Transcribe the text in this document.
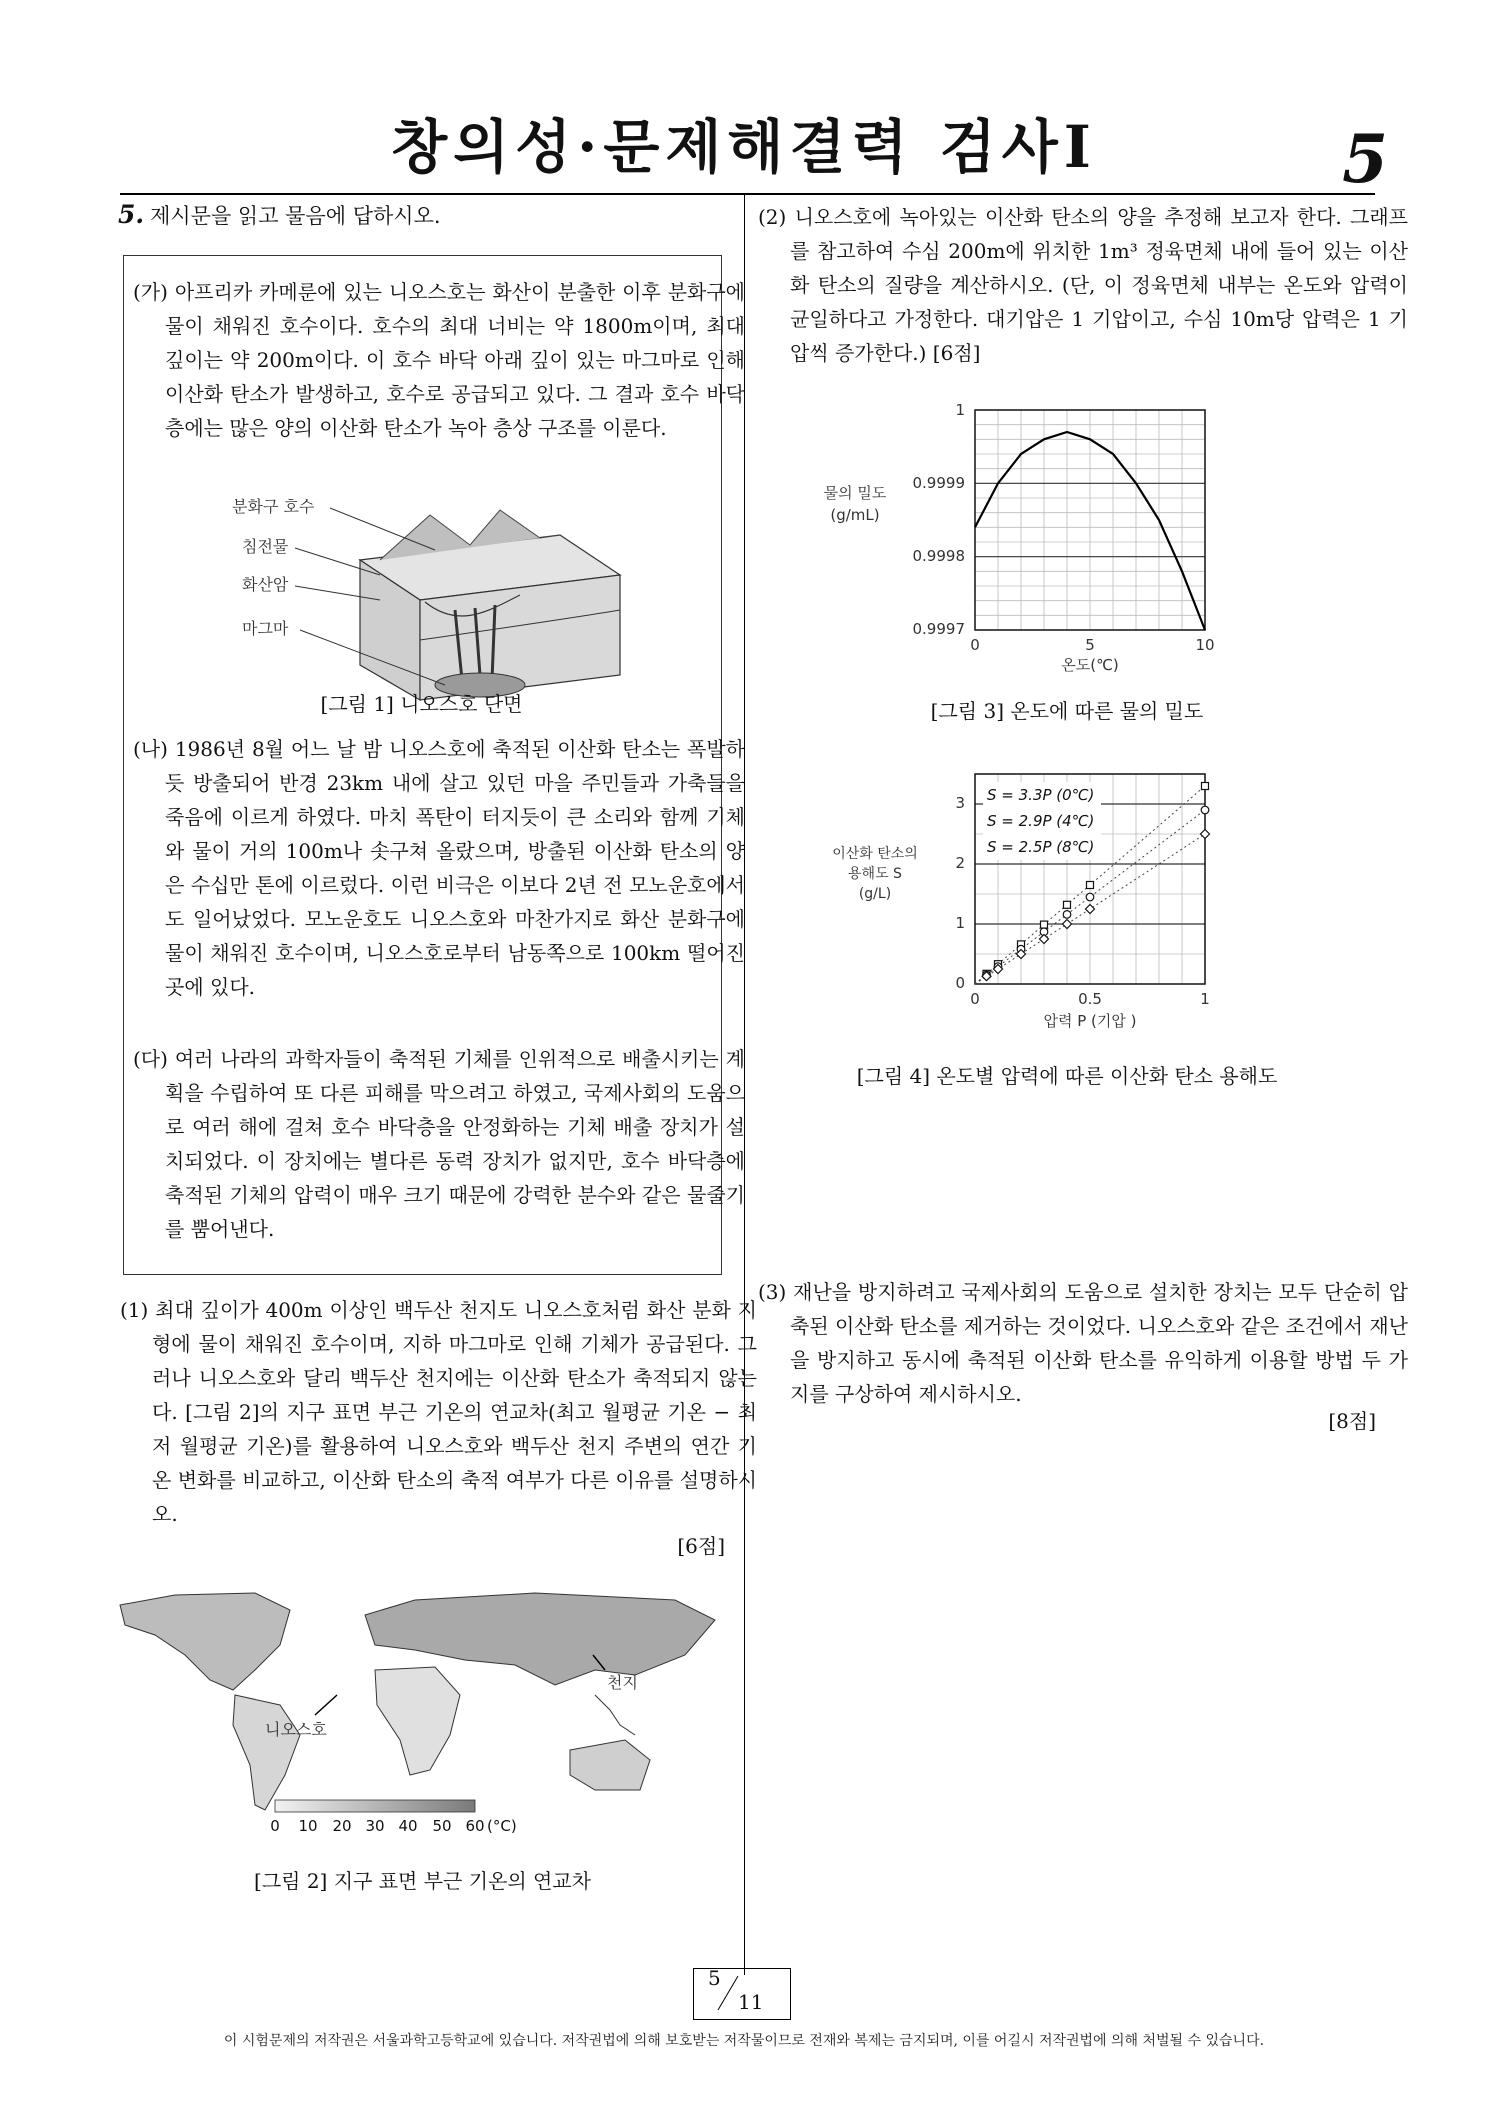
창의성·문제해결력 검사Ⅰ	5
5. 제시문을 읽고 물음에 답하시오.
(가) 아프리카 카메룬에 있는 니오스호는 화산이 분출한 이후 분화구에 물이 채워진 호수이다. 호수의 최대 너비는 약 1800m이며, 최대 깊이는 약 200m이다. 이 호수 바닥 아래 깊이 있는 마그마로 인해 이산화 탄소가 발생하고, 호수로 공급되고 있다. 그 결과 호수 바닥층에는 많은 양의 이산화 탄소가 녹아 층상 구조를 이룬다.
분화구 호수
침전물
화산암
마그마
[그림 1] 니오스호 단면
(나) 1986년 8월 어느 날 밤 니오스호에 축적된 이산화 탄소는 폭발하듯 방출되어 반경 23km 내에 살고 있던 마을 주민들과 가축들을 죽음에 이르게 하였다. 마치 폭탄이 터지듯이 큰 소리와 함께 기체와 물이 거의 100m나 솟구쳐 올랐으며, 방출된 이산화 탄소의 양은 수십만 톤에 이르렀다. 이런 비극은 이보다 2년 전 모노운호에서도 일어났었다. 모노운호도 니오스호와 마찬가지로 화산 분화구에 물이 채워진 호수이며, 니오스호로부터 남동쪽으로 100km 떨어진 곳에 있다.
(다) 여러 나라의 과학자들이 축적된 기체를 인위적으로 배출시키는 계획을 수립하여 또 다른 피해를 막으려고 하였고, 국제사회의 도움으로 여러 해에 걸쳐 호수 바닥층을 안정화하는 기체 배출 장치가 설치되었다. 이 장치에는 별다른 동력 장치가 없지만, 호수 바닥층에 축적된 기체의 압력이 매우 크기 때문에 강력한 분수와 같은 물줄기를 뿜어낸다.
(1) 최대 깊이가 400m 이상인 백두산 천지도 니오스호처럼 화산 분화 지형에 물이 채워진 호수이며, 지하 마그마로 인해 기체가 공급된다. 그러나 니오스호와 달리 백두산 천지에는 이산화 탄소가 축적되지 않는다. [그림 2]의 지구 표면 부근 기온의 연교차(최고 월평균 기온 − 최저 월평균 기온)를 활용하여 니오스호와 백두산 천지 주변의 연간 기온 변화를 비교하고, 이산화 탄소의 축적 여부가 다른 이유를 설명하시오.
[6점]
천지
니오스호
0 10 20 30 40 50 60 (°C)
[그림 2] 지구 표면 부근 기온의 연교차
(2) 니오스호에 녹아있는 이산화 탄소의 양을 추정해 보고자 한다. 그래프를 참고하여 수심 200m에 위치한 1m³ 정육면체 내에 들어 있는 이산화 탄소의 질량을 계산하시오. (단, 이 정육면체 내부는 온도와 압력이 균일하다고 가정한다. 대기압은 1 기압이고, 수심 10m당 압력은 1 기압씩 증가한다.) [6점]
1
0.9999
0.9998
0.9997
0	5	10
온도(℃)
물의 밀도
(g/mL)
[그림 3] 온도에 따른 물의 밀도
S = 3.3P (0℃)
S = 2.9P (4℃)
S = 2.5P (8℃)
3
2
1
0
0	0.5	1
압력 P (기압 )
이산화 탄소의
용해도 S
(g/L)
[그림 4] 온도별 압력에 따른 이산화 탄소 용해도
(3) 재난을 방지하려고 국제사회의 도움으로 설치한 장치는 모두 단순히 압축된 이산화 탄소를 제거하는 것이었다. 니오스호와 같은 조건에서 재난을 방지하고 동시에 축적된 이산화 탄소를 유익하게 이용할 방법 두 가지를 구상하여 제시하시오.
[8점]
5
11
이 시험문제의 저작권은 서울과학고등학교에 있습니다. 저작권법에 의해 보호받는 저작물이므로 전재와 복제는 금지되며, 이를 어길시 저작권법에 의해 처벌될 수 있습니다.
